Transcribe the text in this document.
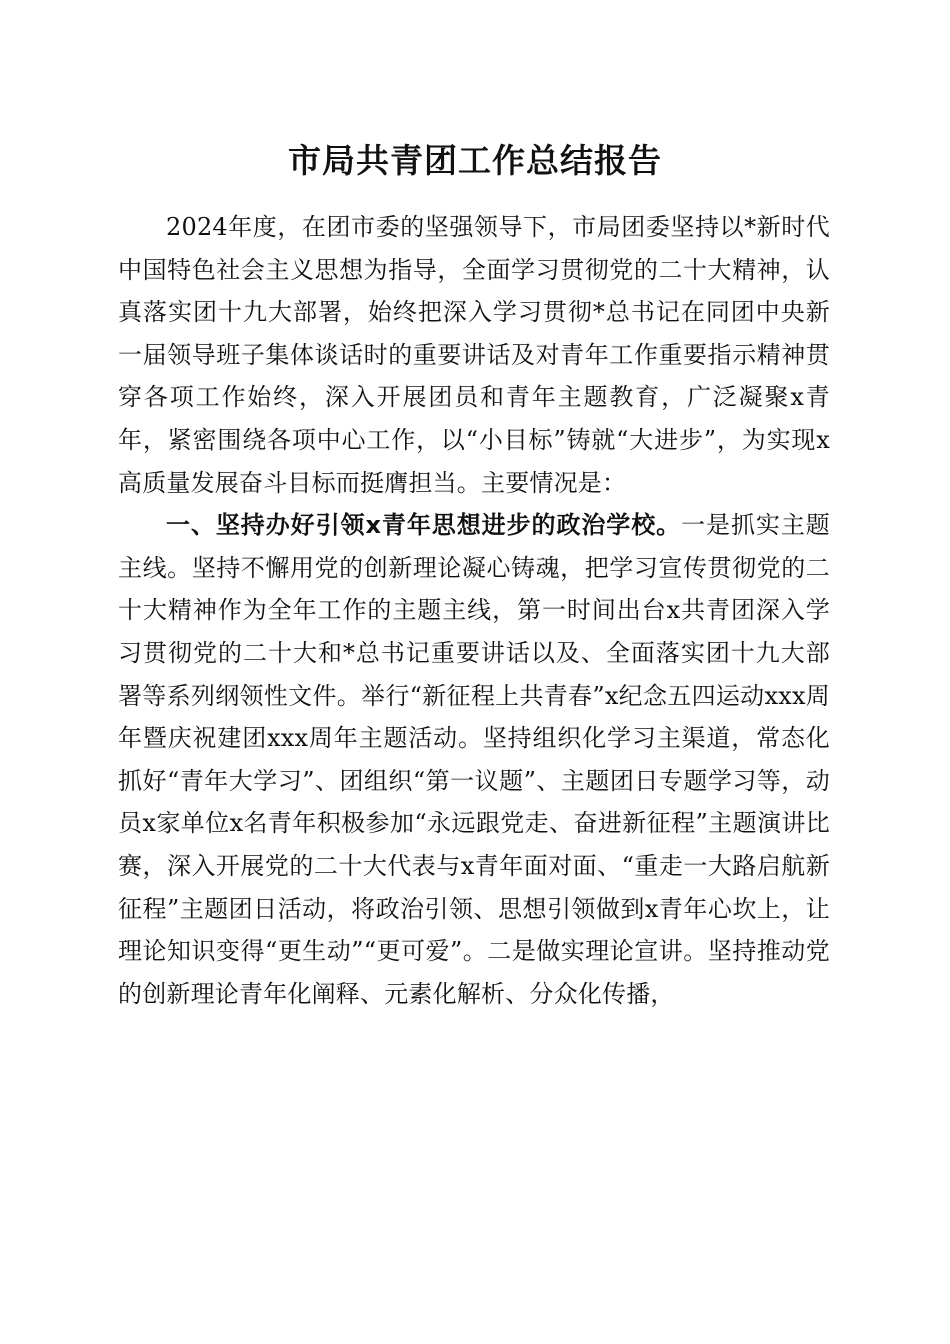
市局共青团工作总结报告

2024年度，在团市委的坚强领导下，市局团委坚持以*新时代中国特色社会主义思想为指导，全面学习贯彻党的二十大精神，认真落实团十九大部署，始终把深入学习贯彻*总书记在同团中央新一届领导班子集体谈话时的重要讲话及对青年工作重要指示精神贯穿各项工作始终，深入开展团员和青年主题教育，广泛凝聚x青年，紧密围绕各项中心工作，以“小目标”铸就“大进步”，为实现x高质量发展奋斗目标而挺膺担当。主要情况是：

一、坚持办好引领x青年思想进步的政治学校。一是抓实主题主线。坚持不懈用党的创新理论凝心铸魂，把学习宣传贯彻党的二十大精神作为全年工作的主题主线，第一时间出台x共青团深入学习贯彻党的二十大和*总书记重要讲话以及、全面落实团十九大部署等系列纲领性文件。举行“新征程上共青春”x纪念五四运动xxx周年暨庆祝建团xxx周年主题活动。坚持组织化学习主渠道，常态化抓好“青年大学习”、团组织“第一议题”、主题团日专题学习等，动员x家单位x名青年积极参加“永远跟党走、奋进新征程”主题演讲比赛，深入开展党的二十大代表与x青年面对面、“重走一大路启航新征程”主题团日活动，将政治引领、思想引领做到x青年心坎上，让理论知识变得“更生动”“更可爱”。二是做实理论宣讲。坚持推动党的创新理论青年化阐释、元素化解析、分众化传播，
